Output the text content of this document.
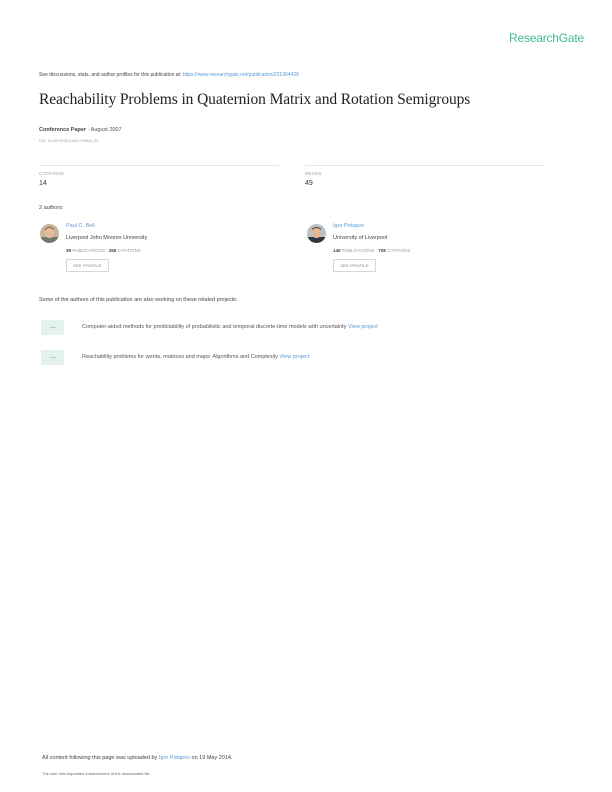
ResearchGate
See discussions, stats, and author profiles for this publication at: https://www.researchgate.net/publication/221964428
Reachability Problems in Quaternion Matrix and Rotation Semigroups
Conference Paper · August 2007
DOI: 10.1007/978-3-540-74456-6_22
CITATIONS
14
READS
49
2 authors:
Paul C. Bell
Liverpool John Moores University
39 PUBLICATIONS 265 CITATIONS
SEE PROFILE
Igor Potapov
University of Liverpool
140 PUBLICATIONS 708 CITATIONS
SEE PROFILE
Some of the authors of this publication are also working on these related projects:
Computer-aided methods for predictability of probabilistic and temporal discrete-time models with uncertainty View project
Reachability problems for words, matrices and maps: Algorithms and Complexity View project
All content following this page was uploaded by Igor Potapov on 19 May 2014.
The user has requested enhancement of the downloaded file.
